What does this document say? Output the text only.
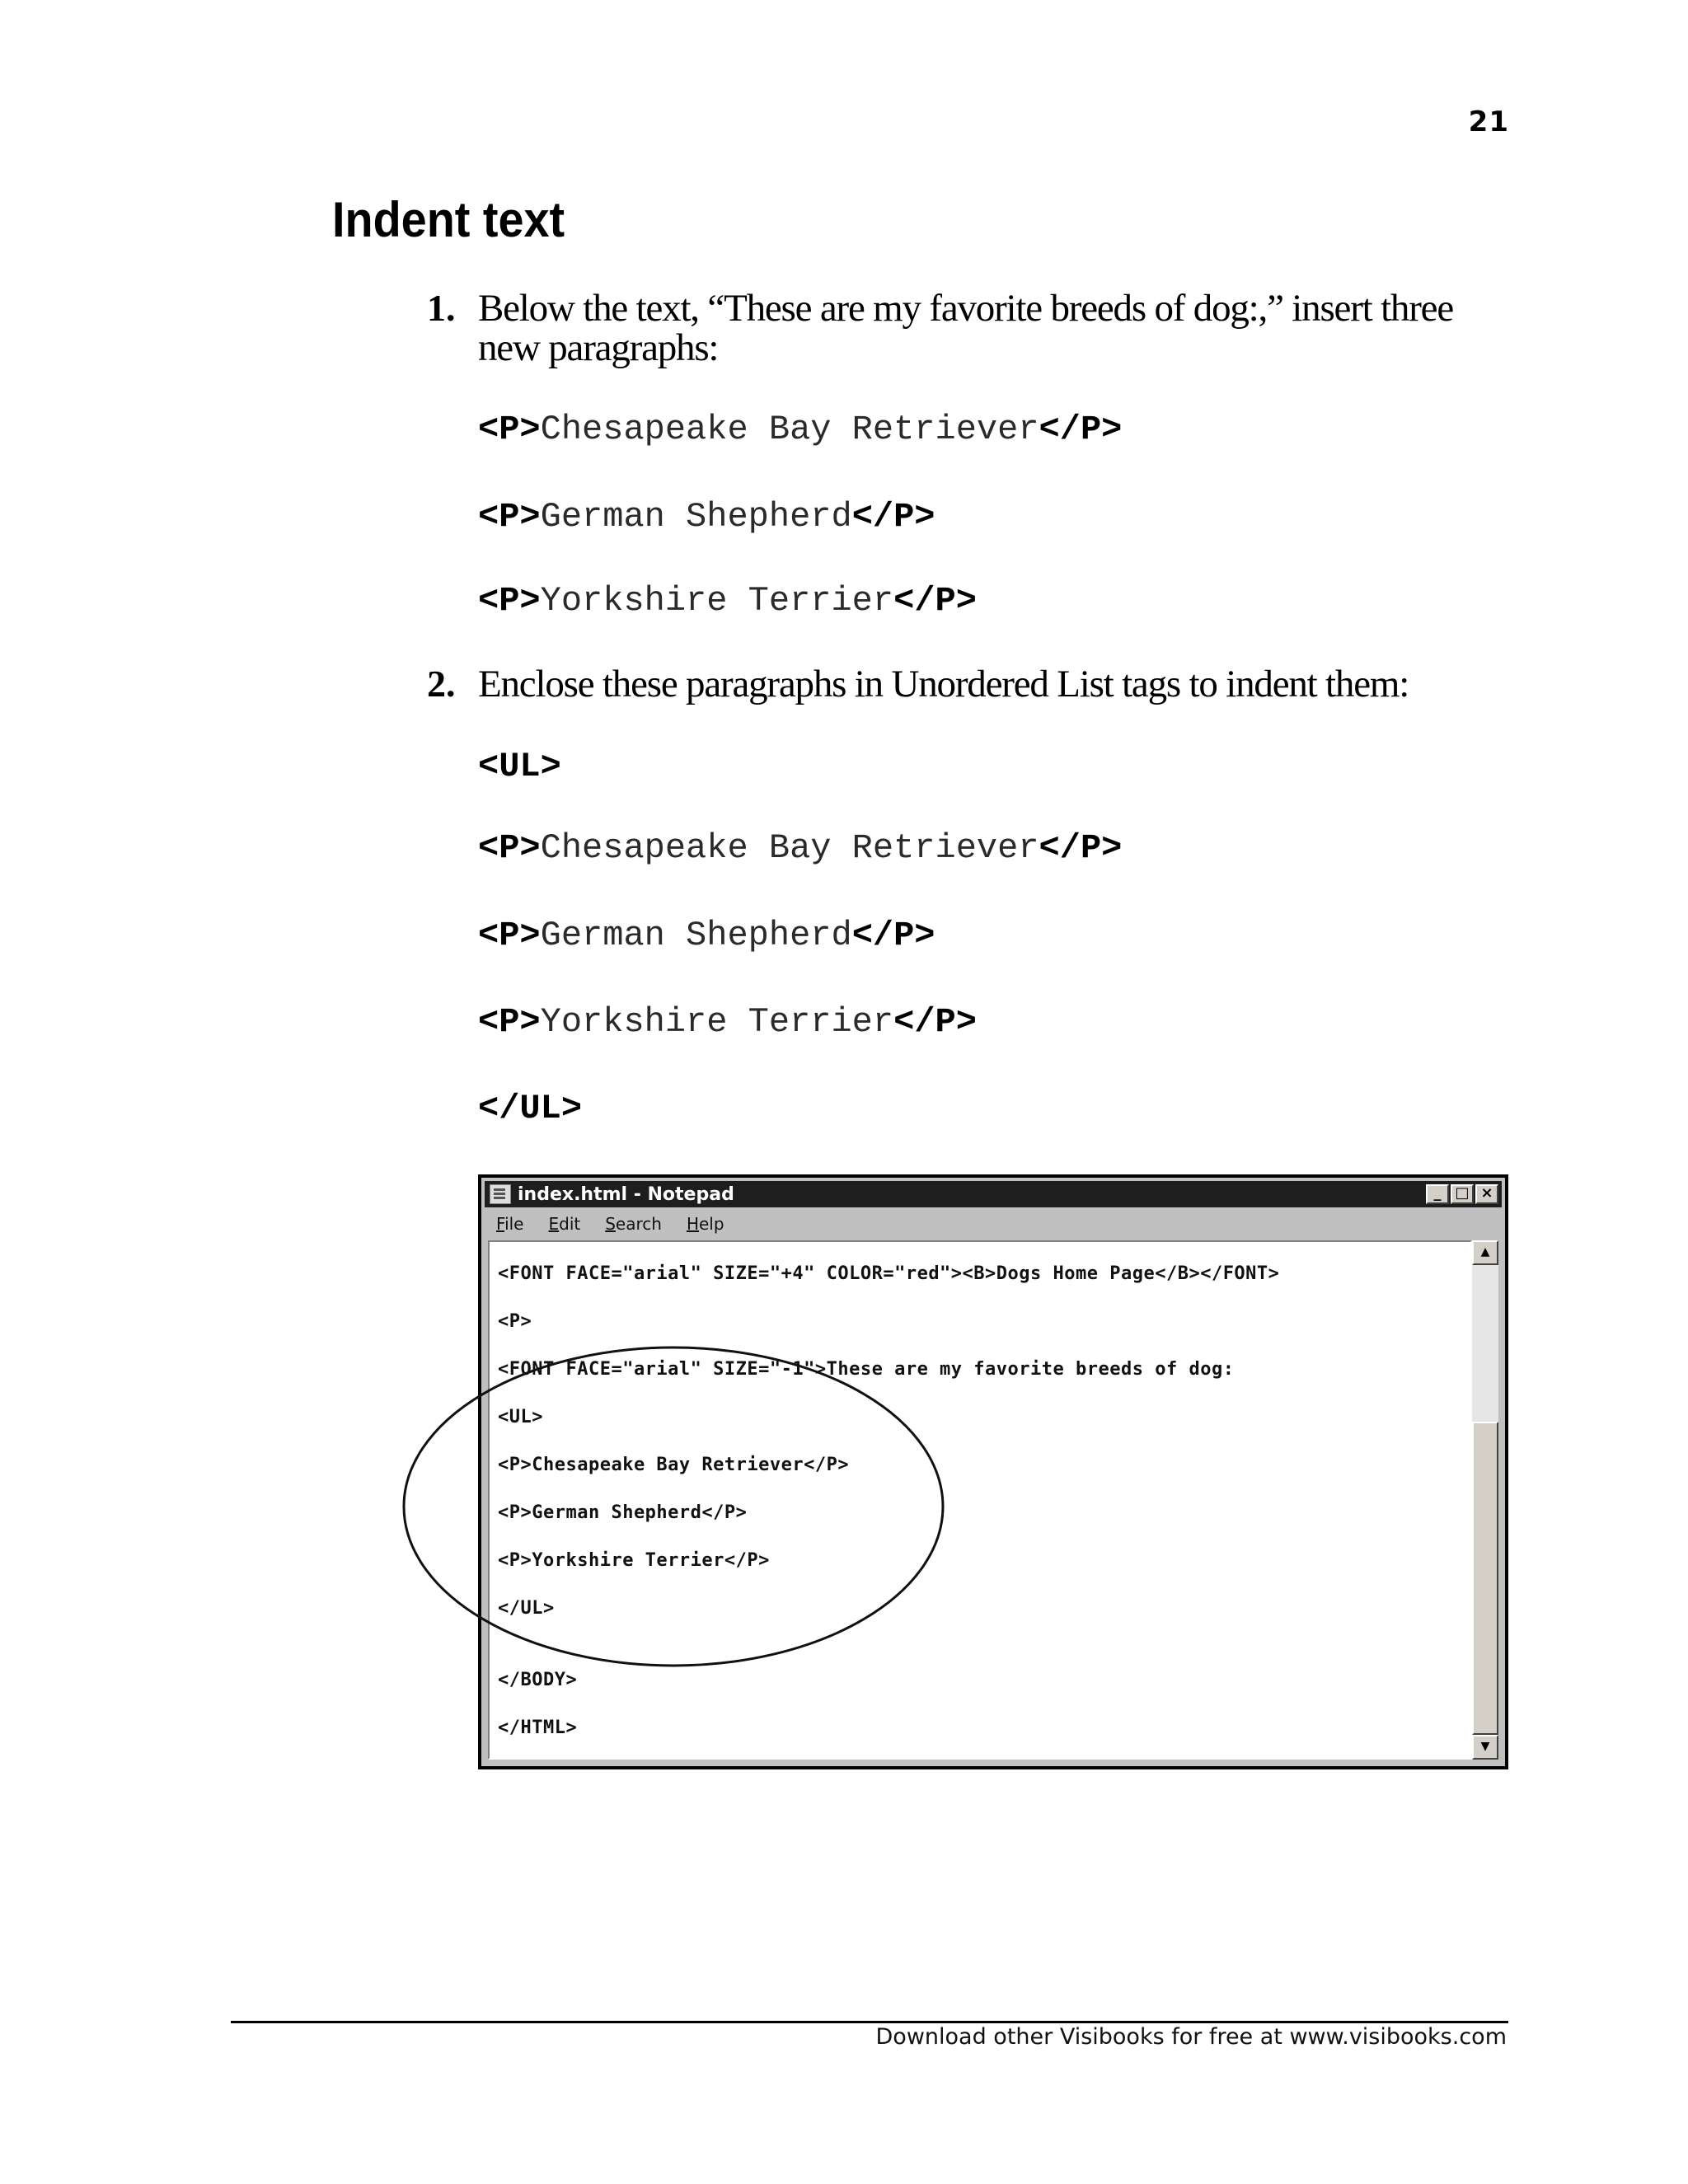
21
Indent text
1. Below the text, “These are my favorite breeds of dog:,” insert three new paragraphs:
<P>Chesapeake Bay Retriever</P>
<P>German Shepherd</P>
<P>Yorkshire Terrier</P>
2. Enclose these paragraphs in Unordered List tags to indent them:
<UL>
<P>Chesapeake Bay Retriever</P>
<P>German Shepherd</P>
<P>Yorkshire Terrier</P>
</UL>
index.html - Notepad	_ □ ×
File Edit Search Help
<FONT FACE="arial" SIZE="+4" COLOR="red"><B>Dogs Home Page</B></FONT>
<P>
<FONT FACE="arial" SIZE="-1">These are my favorite breeds of dog:
<UL>
<P>Chesapeake Bay Retriever</P>
<P>German Shepherd</P>
<P>Yorkshire Terrier</P>
</UL>
</BODY>
</HTML>
▲
▼
Download other Visibooks for free at www.visibooks.com
